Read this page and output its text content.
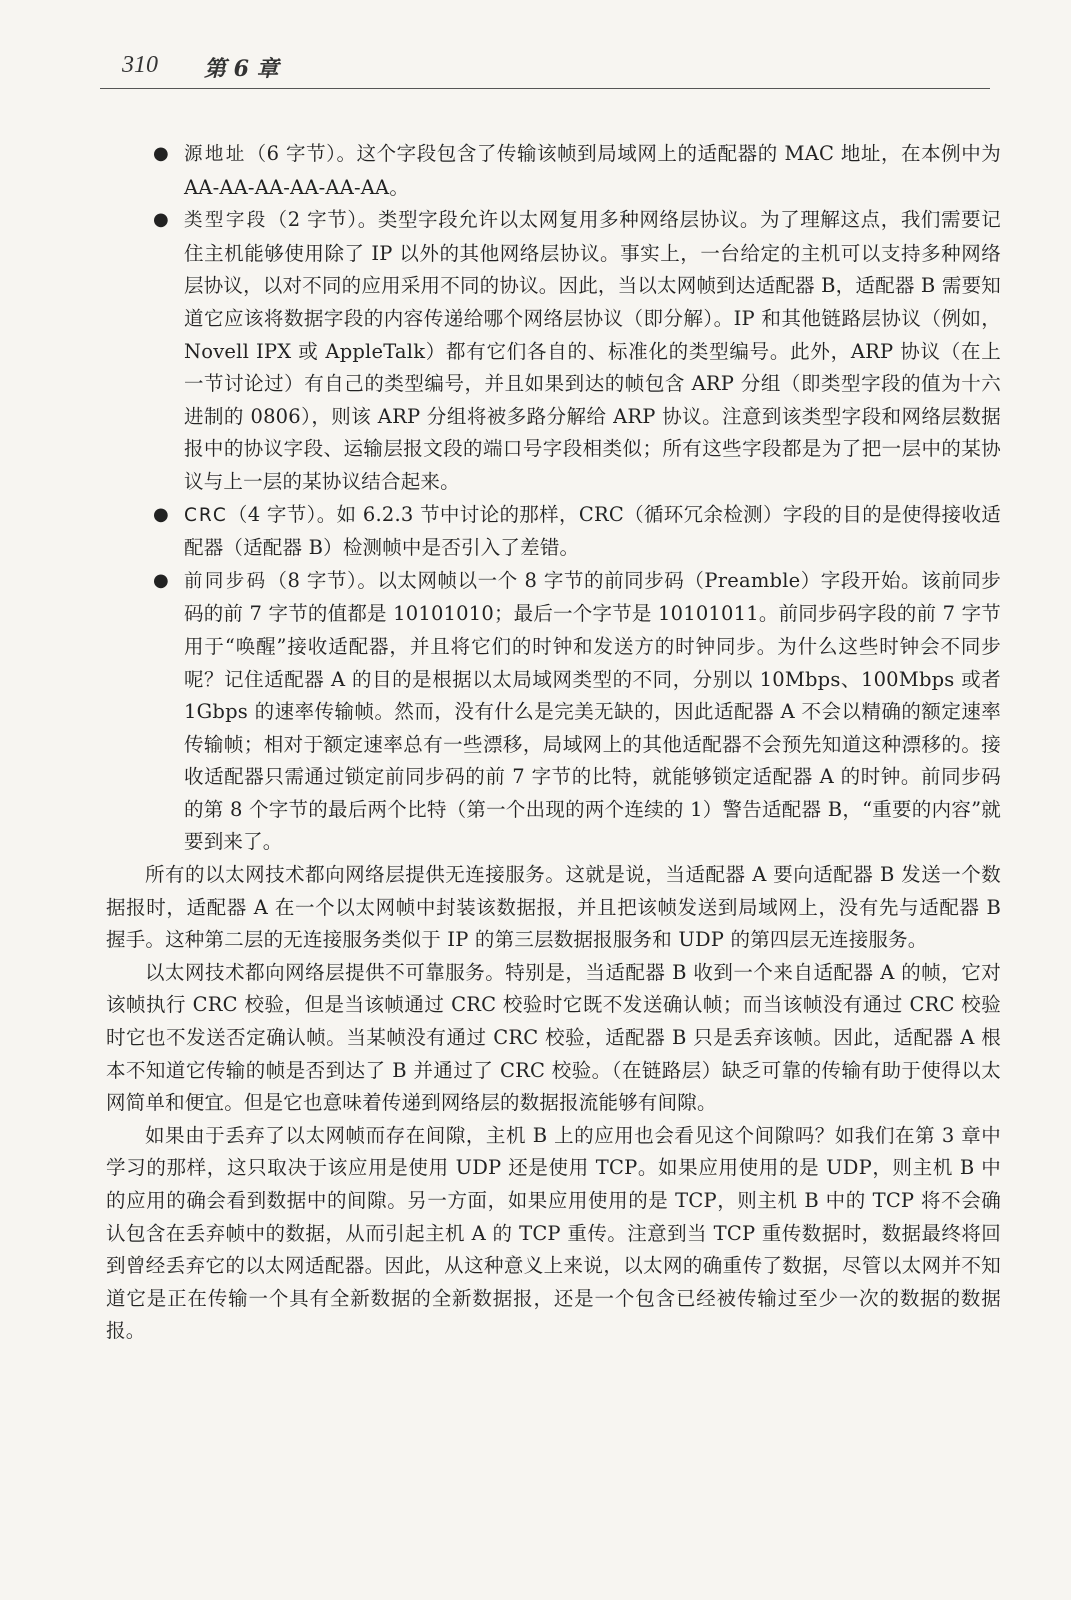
310 第 6 章
● 源地址（6 字节）。这个字段包含了传输该帧到局域网上的适配器的 MAC 地址，在本例中为 AA-AA-AA-AA-AA-AA。
● 类型字段（2 字节）。类型字段允许以太网复用多种网络层协议。为了理解这点，我们需要记住主机能够使用除了 IP 以外的其他网络层协议。事实上，一台给定的主机可以支持多种网络层协议，以对不同的应用采用不同的协议。因此，当以太网帧到达适配器 B，适配器 B 需要知道它应该将数据字段的内容传递给哪个网络层协议（即分解）。IP 和其他链路层协议（例如，Novell IPX 或 AppleTalk）都有它们各自的、标准化的类型编号。此外，ARP 协议（在上一节讨论过）有自己的类型编号，并且如果到达的帧包含 ARP 分组（即类型字段的值为十六进制的 0806），则该 ARP 分组将被多路分解给 ARP 协议。注意到该类型字段和网络层数据报中的协议字段、运输层报文段的端口号字段相类似；所有这些字段都是为了把一层中的某协议与上一层的某协议结合起来。
● CRC（4 字节）。如 6.2.3 节中讨论的那样，CRC（循环冗余检测）字段的目的是使得接收适配器（适配器 B）检测帧中是否引入了差错。
● 前同步码（8 字节）。以太网帧以一个 8 字节的前同步码（Preamble）字段开始。该前同步码的前 7 字节的值都是 10101010；最后一个字节是 10101011。前同步码字段的前 7 字节用于“唤醒”接收适配器，并且将它们的时钟和发送方的时钟同步。为什么这些时钟会不同步呢？记住适配器 A 的目的是根据以太局域网类型的不同，分别以 10Mbps、100Mbps 或者 1Gbps 的速率传输帧。然而，没有什么是完美无缺的，因此适配器 A 不会以精确的额定速率传输帧；相对于额定速率总有一些漂移，局域网上的其他适配器不会预先知道这种漂移的。接收适配器只需通过锁定前同步码的前 7 字节的比特，就能够锁定适配器 A 的时钟。前同步码的第 8 个字节的最后两个比特（第一个出现的两个连续的 1）警告适配器 B，“重要的内容”就要到来了。

所有的以太网技术都向网络层提供无连接服务。这就是说，当适配器 A 要向适配器 B 发送一个数据报时，适配器 A 在一个以太网帧中封装该数据报，并且把该帧发送到局域网上，没有先与适配器 B 握手。这种第二层的无连接服务类似于 IP 的第三层数据报服务和 UDP 的第四层无连接服务。

以太网技术都向网络层提供不可靠服务。特别是，当适配器 B 收到一个来自适配器 A 的帧，它对该帧执行 CRC 校验，但是当该帧通过 CRC 校验时它既不发送确认帧；而当该帧没有通过 CRC 校验时它也不发送否定确认帧。当某帧没有通过 CRC 校验，适配器 B 只是丢弃该帧。因此，适配器 A 根本不知道它传输的帧是否到达了 B 并通过了 CRC 校验。（在链路层）缺乏可靠的传输有助于使得以太网简单和便宜。但是它也意味着传递到网络层的数据报流能够有间隙。

如果由于丢弃了以太网帧而存在间隙，主机 B 上的应用也会看见这个间隙吗？如我们在第 3 章中学习的那样，这只取决于该应用是使用 UDP 还是使用 TCP。如果应用使用的是 UDP，则主机 B 中的应用的确会看到数据中的间隙。另一方面，如果应用使用的是 TCP，则主机 B 中的 TCP 将不会确认包含在丢弃帧中的数据，从而引起主机 A 的 TCP 重传。注意到当 TCP 重传数据时，数据最终将回到曾经丢弃它的以太网适配器。因此，从这种意义上来说，以太网的确重传了数据，尽管以太网并不知道它是正在传输一个具有全新数据的全新数据报，还是一个包含已经被传输过至少一次的数据的数据报。
